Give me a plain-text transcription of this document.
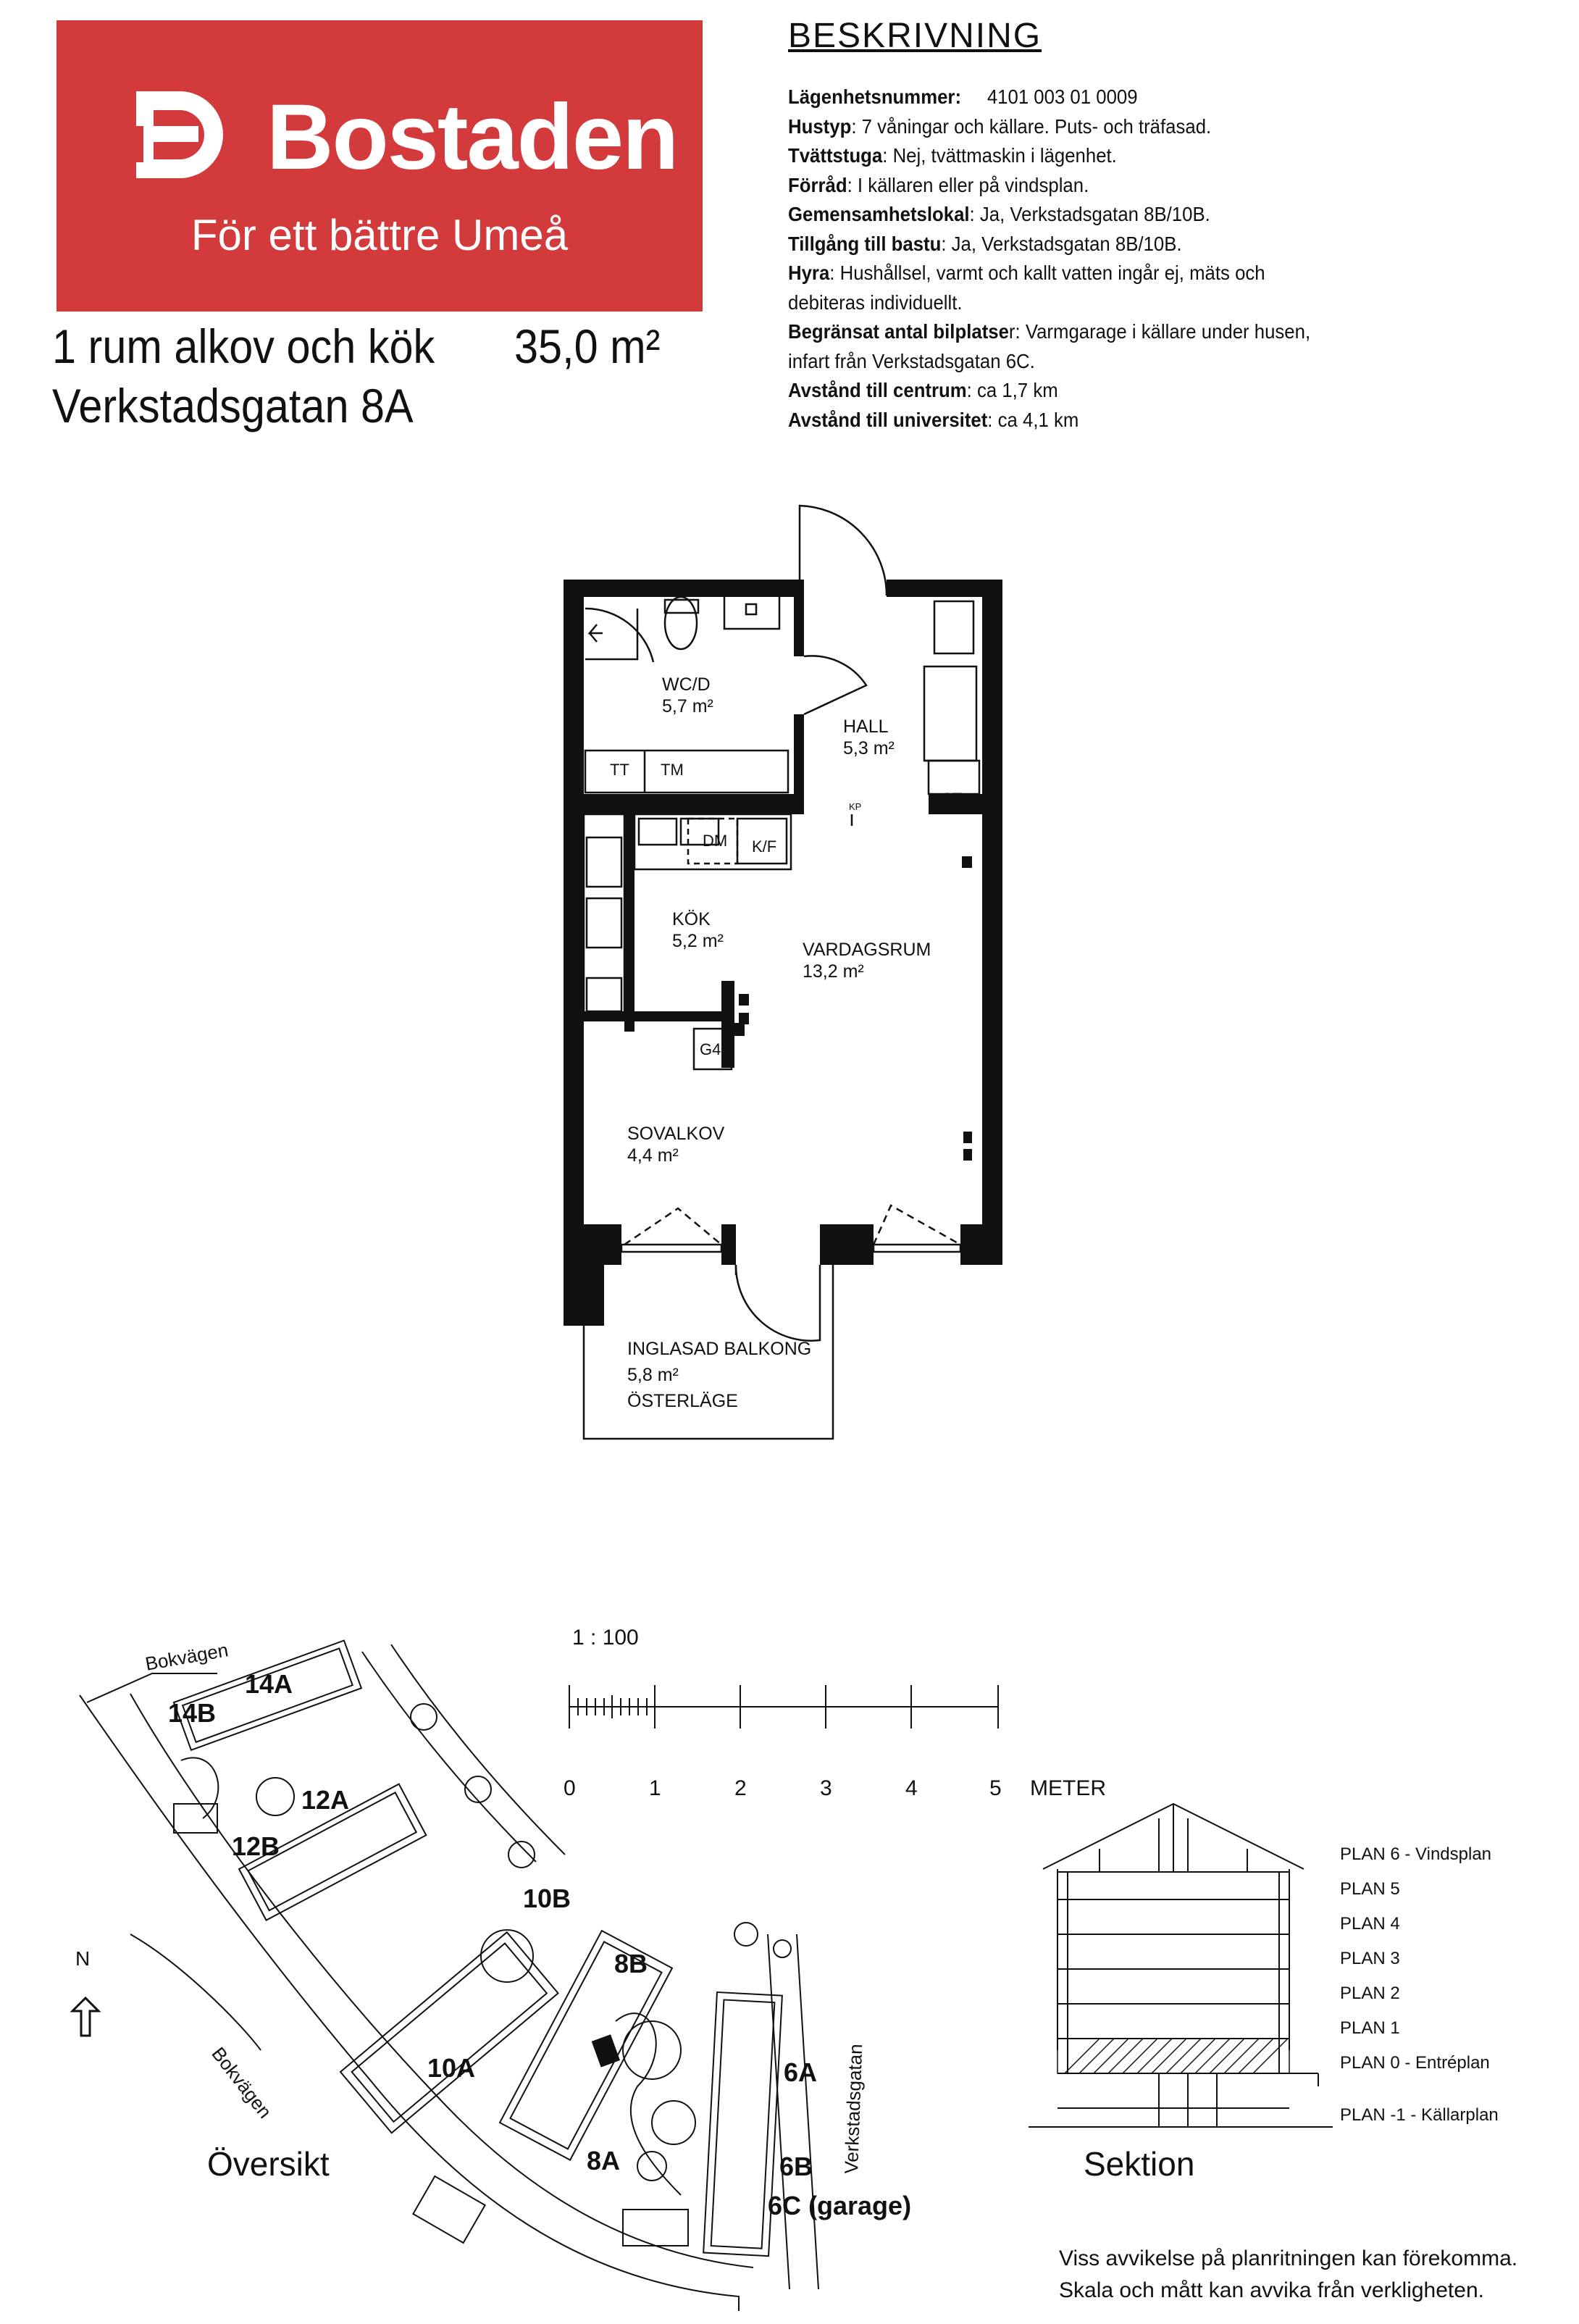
Bostaden
För ett bättre Umeå
1 rum alkov och kök 35,0 m²
Verkstadsgatan 8A
BESKRIVNING
Lägenhetsnummer: 4101 003 01 0009
Hustyp: 7 våningar och källare. Puts- och träfasad.
Tvättstuga: Nej, tvättmaskin i lägenhet.
Förråd: I källaren eller på vindsplan.
Gemensamhetslokal: Ja, Verkstadsgatan 8B/10B.
Tillgång till bastu: Ja, Verkstadsgatan 8B/10B.
Hyra: Hushållsel, varmt och kallt vatten ingår ej, mäts och
debiteras individuellt.
Begränsat antal bilplatser: Varmgarage i källare under husen,
infart från Verkstadsgatan 6C.
Avstånd till centrum: ca 1,7 km
Avstånd till universitet: ca 4,1 km
WC/D
5,7 m²
HALL
5,3 m²
KÖK
5,2 m²	VARDAGSRUM
13,2 m²
SOVALKOV
4,4 m²
INGLASAD BALKONG
5,8 m²
ÖSTERLÄGE
TT TM
ST
DM K/F
G4
KP
1 : 100
0	1	2	3	4	5 METER
PLAN 6 - Vindsplan
PLAN 5
PLAN 4
PLAN 3
PLAN 2
PLAN 1
PLAN 0 - Entréplan
PLAN -1 - Källarplan
Sektion
Bokvägen
Bokvägen	Verkstadsgatan
14A
14B
12A
12B
10B
8B
10A
8A
6A
6B
6C (garage)
N
Översikt
Viss avvikelse på planritningen kan förekomma.
Skala och mått kan avvika från verkligheten.
